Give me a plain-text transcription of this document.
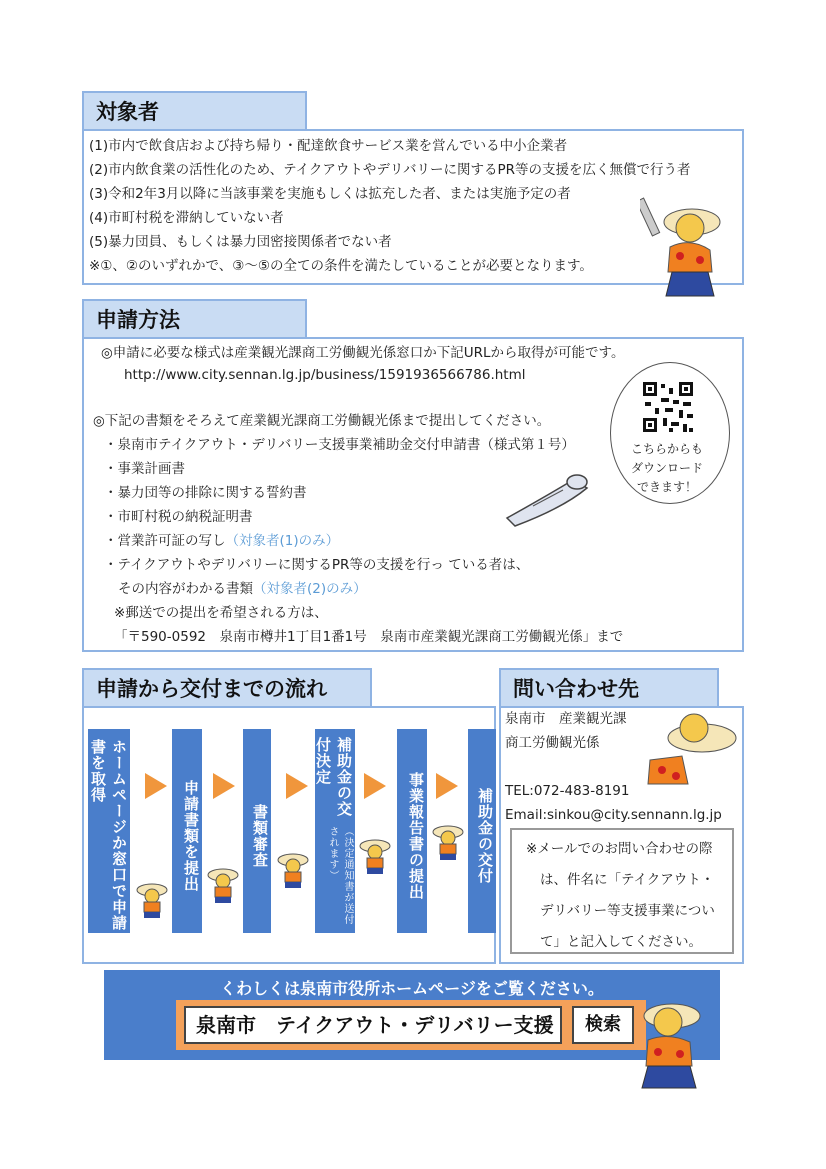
対象者
(1)市内で飲食店および持ち帰り・配達飲食サービス業を営んでいる中小企業者
(2)市内飲食業の活性化のため、テイクアウトやデリバリーに関するPR等の支援を広く無償で行う者
(3)令和2年3月以降に当該事業を実施もしくは拡充した者、または実施予定の者
(4)市町村税を滞納していない者
(5)暴力団員、もしくは暴力団密接関係者でない者
※①、②のいずれかで、③～⑤の全ての条件を満たしていることが必要となります。
申請方法
◎申請に必要な様式は産業観光課商工労働観光係窓口か下記URLから取得が可能です。
http://www.city.sennan.lg.jp/business/1591936566786.html
◎下記の書類をそろえて産業観光課商工労働観光係まで提出してください。
・泉南市テイクアウト・デリバリー支援事業補助金交付申請書（様式第１号）
・事業計画書
・暴力団等の排除に関する誓約書
・市町村税の納税証明書
・営業許可証の写し（対象者(1)のみ）
・テイクアウトやデリバリーに関するPR等の支援を行っ ている者は、
その内容がわかる書類（対象者(2)のみ）
※郵送での提出を希望される方は、
「〒590-0592　泉南市樽井1丁目1番1号　泉南市産業観光課商工労働観光係」まで
こちらからも
ダウンロード
できます！
申請から交付までの流れ
ホームページか窓口で申請書を取得
申請書類を提出	書類審査
補助金の交付決定
（決定通知書が送付されます）	事業報告書の提出	補助金の交付
問い合わせ先
泉南市　産業観光課
商工労働観光係
TEL:072-483-8191
Email:sinkou@city.sennann.lg.jp
※メールでのお問い合わせの際
は、件名に「テイクアウト・
デリバリー等支援事業につい
て」と記入してください。
くわしくは泉南市役所ホームページをご覧ください。
泉南市　テイクアウト・デリバリー支援	検索
